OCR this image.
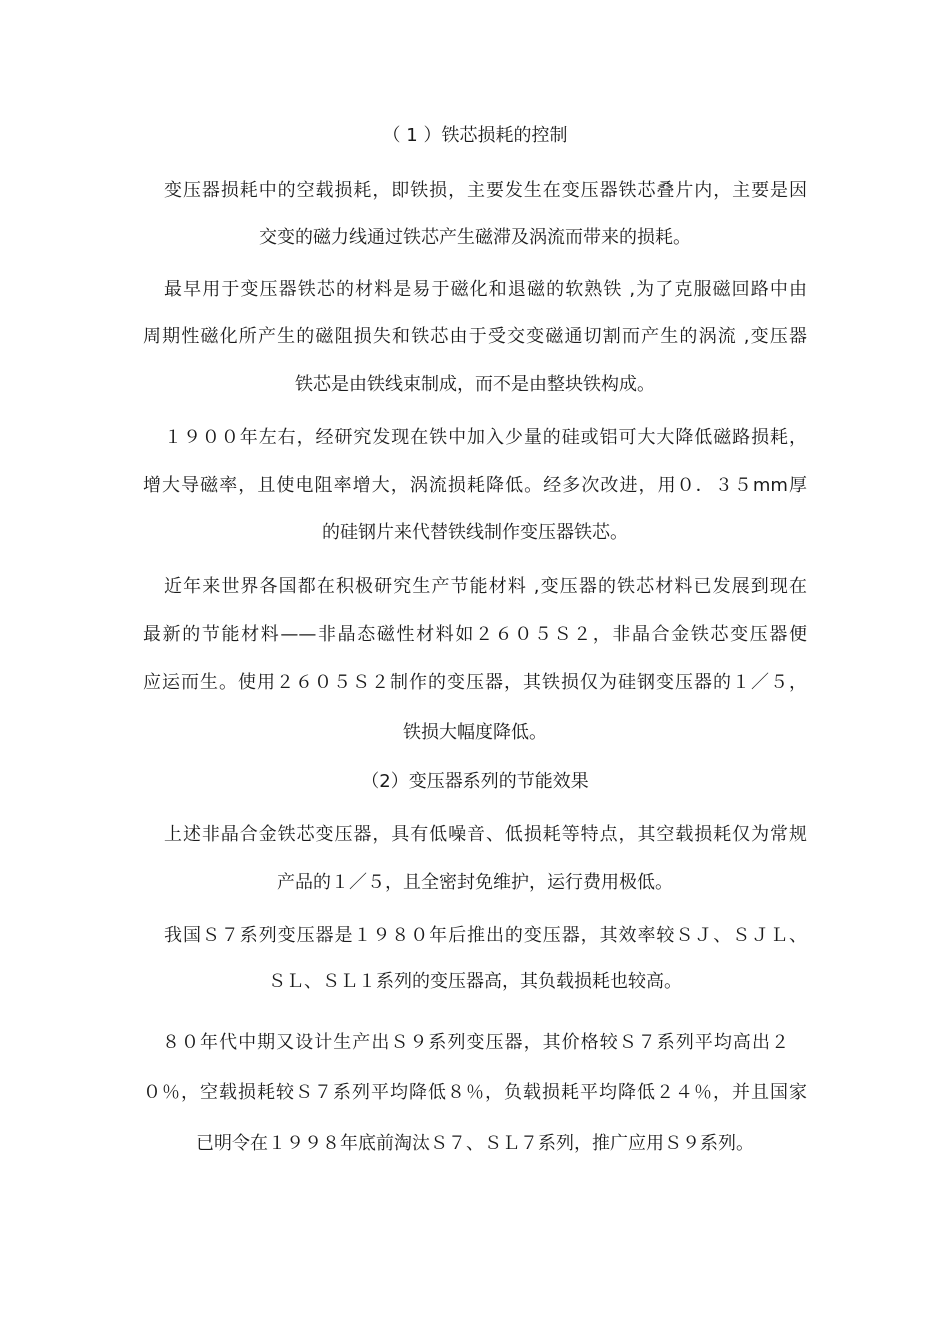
（ 1 ）铁芯损耗的控制
变压器损耗中的空载损耗，即铁损，主要发生在变压器铁芯叠片内，主要是因
交变的磁力线通过铁芯产生磁滞及涡流而带来的损耗。
最早用于变压器铁芯的材料是易于磁化和退磁的软熟铁 ,为了克服磁回路中由
周期性磁化所产生的磁阻损失和铁芯由于受交变磁通切割而产生的涡流 ,变压器
铁芯是由铁线束制成，而不是由整块铁构成。
１９００年左右，经研究发现在铁中加入少量的硅或铝可大大降低磁路损耗，
增大导磁率，且使电阻率增大，涡流损耗降低。经多次改进，用０．３５mm厚
的硅钢片来代替铁线制作变压器铁芯。
近年来世界各国都在积极研究生产节能材料 ,变压器的铁芯材料已发展到现在
最新的节能材料——非晶态磁性材料如２６０５Ｓ２，非晶合金铁芯变压器便
应运而生。使用２６０５Ｓ２制作的变压器，其铁损仅为硅钢变压器的１／５，
铁损大幅度降低。
（2）变压器系列的节能效果
上述非晶合金铁芯变压器，具有低噪音、低损耗等特点，其空载损耗仅为常规
产品的１／５，且全密封免维护，运行费用极低。
我国Ｓ７系列变压器是１９８０年后推出的变压器，其效率较ＳＪ、ＳＪＬ、
ＳＬ、ＳＬ１系列的变压器高，其负载损耗也较高。
８０年代中期又设计生产出Ｓ９系列变压器，其价格较Ｓ７系列平均高出２
０％，空载损耗较Ｓ７系列平均降低８％，负载损耗平均降低２４％，并且国家
已明令在１９９８年底前淘汰Ｓ７、ＳＬ７系列，推广应用Ｓ９系列。
